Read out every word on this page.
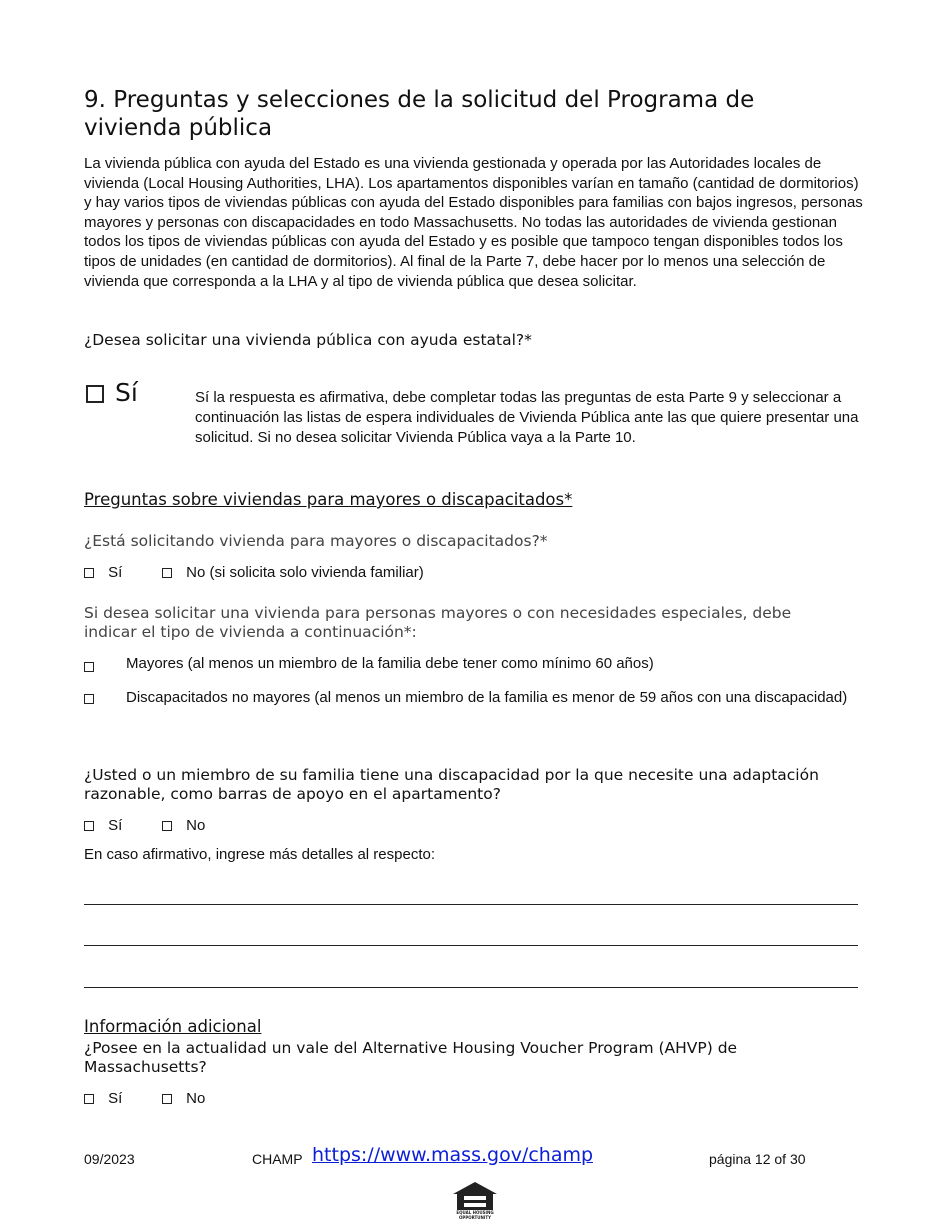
9. Preguntas y selecciones de la solicitud del Programa de vivienda pública
La vivienda pública con ayuda del Estado es una vivienda gestionada y operada por las Autoridades locales de vivienda (Local Housing Authorities, LHA). Los apartamentos disponibles varían en tamaño (cantidad de dormitorios) y hay varios tipos de viviendas públicas con ayuda del Estado disponibles para familias con bajos ingresos, personas mayores y personas con discapacidades en todo Massachusetts. No todas las autoridades de vivienda gestionan todos los tipos de viviendas públicas con ayuda del Estado y es posible que tampoco tengan disponibles todos los tipos de unidades (en cantidad de dormitorios). Al final de la Parte 7, debe hacer por lo menos una selección de vivienda que corresponda a la LHA y al tipo de vivienda pública que desea solicitar.
¿Desea solicitar una vivienda pública con ayuda estatal?*
Sí	Sí la respuesta es afirmativa, debe completar todas las preguntas de esta Parte 9 y seleccionar a continuación las listas de espera individuales de Vivienda Pública ante las que quiere presentar una solicitud. Si no desea solicitar Vivienda Pública vaya a la Parte 10.
Preguntas sobre viviendas para mayores o discapacitados*
¿Está solicitando vivienda para mayores o discapacitados?*
Sí	No (si solicita solo vivienda familiar)
Si desea solicitar una vivienda para personas mayores o con necesidades especiales, debe indicar el tipo de vivienda a continuación*:
Mayores (al menos un miembro de la familia debe tener como mínimo 60 años)
Discapacitados no mayores (al menos un miembro de la familia es menor de 59 años con una discapacidad)
¿Usted o un miembro de su familia tiene una discapacidad por la que necesite una adaptación razonable, como barras de apoyo en el apartamento?
Sí	No
En caso afirmativo, ingrese más detalles al respecto:
Información adicional
¿Posee en la actualidad un vale del Alternative Housing Voucher Program (AHVP) de Massachusetts?
Sí	No
09/2023	CHAMP https://www.mass.gov/champ	página 12 of 30
EQUAL HOUSING OPPORTUNITY
